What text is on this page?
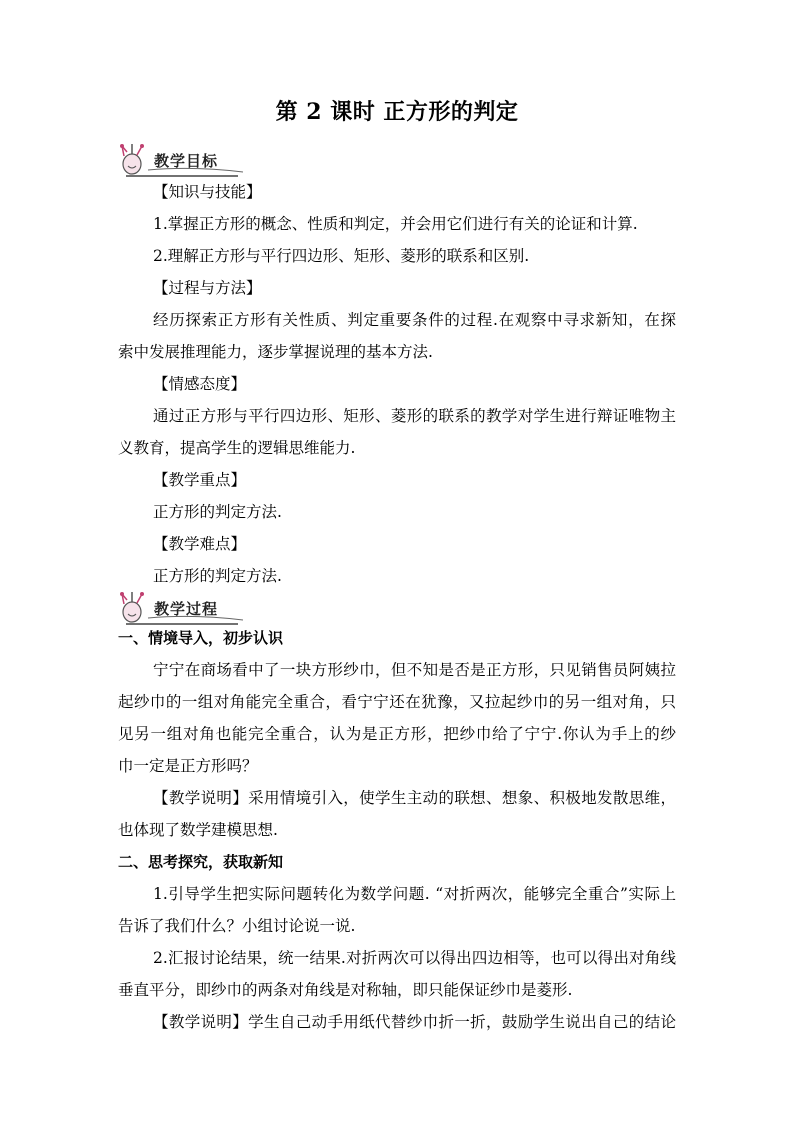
第 2 课时 正方形的判定
教学目标
【知识与技能】
1.掌握正方形的概念、性质和判定，并会用它们进行有关的论证和计算.
2.理解正方形与平行四边形、矩形、菱形的联系和区别.
【过程与方法】
经历探索正方形有关性质、判定重要条件的过程.在观察中寻求新知，在探
索中发展推理能力，逐步掌握说理的基本方法.
【情感态度】
通过正方形与平行四边形、矩形、菱形的联系的教学对学生进行辩证唯物主
义教育，提高学生的逻辑思维能力.
【教学重点】
正方形的判定方法.
【教学难点】
正方形的判定方法.
教学过程
一、情境导入，初步认识
宁宁在商场看中了一块方形纱巾，但不知是否是正方形，只见销售员阿姨拉
起纱巾的一组对角能完全重合，看宁宁还在犹豫，又拉起纱巾的另一组对角，只
见另一组对角也能完全重合，认为是正方形，把纱巾给了宁宁.你认为手上的纱
巾一定是正方形吗？
【教学说明】采用情境引入，使学生主动的联想、想象、积极地发散思维，
也体现了数学建模思想.
二、思考探究，获取新知
1.引导学生把实际问题转化为数学问题. “对折两次，能够完全重合”实际上
告诉了我们什么？小组讨论说一说.
2.汇报讨论结果，统一结果.对折两次可以得出四边相等，也可以得出对角线
垂直平分，即纱巾的两条对角线是对称轴，即只能保证纱巾是菱形.
【教学说明】学生自己动手用纸代替纱巾折一折，鼓励学生说出自己的结论
